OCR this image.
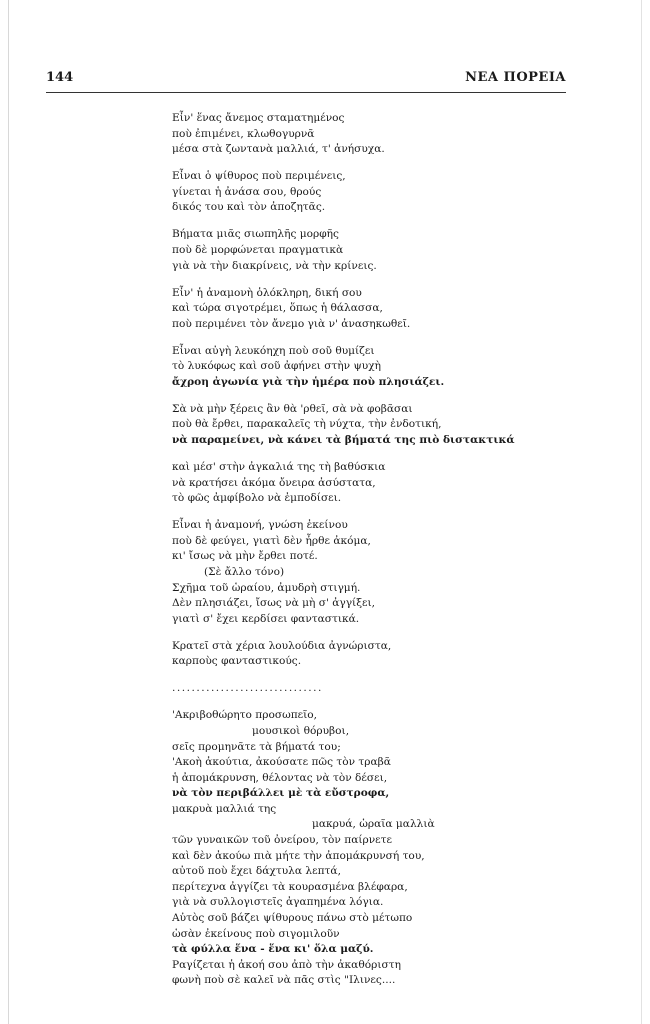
144	ΝΕΑ ΠΟΡΕΙΑ
Εἶν' ἕνας ἄνεμος σταματημένος
ποὺ ἐπιμένει, κλωθογυρνᾶ
μέσα στὰ ζωντανὰ μαλλιά, τ' ἀνήσυχα.
Εἶναι ὁ ψίθυρος ποὺ περιμένεις,
γίνεται ἡ ἀνάσα σου, θρούς
δικός του καὶ τὸν ἀποζητᾶς.
Βήματα μιᾶς σιωπηλῆς μορφῆς
ποὺ δὲ μορφώνεται πραγματικὰ
γιὰ νὰ τὴν διακρίνεις, νὰ τὴν κρίνεις.
Εἶν' ἡ ἀναμονὴ ὁλόκληρη, δική σου
καὶ τώρα σιγοτρέμει, ὅπως ἡ θάλασσα,
ποὺ περιμένει τὸν ἄνεμο γιὰ ν' ἀνασηκωθεῖ.
Εἶναι αὐγὴ λευκόηχη ποὺ σοῦ θυμίζει
τὸ λυκόφως καὶ σοῦ ἀφήνει στὴν ψυχὴ
ἄχροη ἀγωνία γιὰ τὴν ἡμέρα ποὺ πλησιάζει.
Σὰ νὰ μὴν ξέρεις ἂν θὰ 'ρθεῖ, σὰ νὰ φοβᾶσαι
ποὺ θὰ ἔρθει, παρακαλεῖς τὴ νύχτα, τὴν ἐνδοτική,
νὰ παραμείνει, νὰ κάνει τὰ βήματά της πιὸ διστακτικά
καὶ μέσ' στὴν ἀγκαλιά της τὴ βαθύσκια
νὰ κρατήσει ἀκόμα ὄνειρα ἀσύστατα,
τὸ φῶς ἀμφίβολο νὰ ἐμποδίσει.
Εἶναι ἡ ἀναμονή, γνώση ἐκείνου
ποὺ δὲ φεύγει, γιατὶ δὲν ἦρθε ἀκόμα,
κι' ἴσως νὰ μὴν ἔρθει ποτέ.
(Σὲ ἄλλο τόνο)
Σχῆμα τοῦ ὡραίου, ἀμυδρὴ στιγμή.
Δὲν πλησιάζει, ἴσως νὰ μὴ σ' ἀγγίξει,
γιατὶ σ' ἔχει κερδίσει φανταστικά.
Κρατεῖ στὰ χέρια λουλούδια ἀγνώριστα,
καρποὺς φανταστικούς.
...............................
'Ακριβοθώρητο προσωπεῖο,
μουσικοὶ θόρυβοι,
σεῖς προμηνᾶτε τὰ βήματά του;
'Ακοὴ ἀκούτια, ἀκούσατε πῶς τὸν τραβᾶ
ἡ ἀπομάκρυνση, θέλοντας νὰ τὸν δέσει,
νὰ τὸν περιβάλλει μὲ τὰ εὔστροφα,
μακρυὰ μαλλιά της
μακρυά, ὡραῖα μαλλιὰ
τῶν γυναικῶν τοῦ ὀνείρου, τὸν παίρνετε
καὶ δὲν ἀκούω πιὰ μήτε τὴν ἀπομάκρυνσή του,
αὐτοῦ ποὺ ἔχει δάχτυλα λεπτά,
περίτεχνα ἀγγίζει τὰ κουρασμένα βλέφαρα,
γιὰ νὰ συλλογιστεῖς ἀγαπημένα λόγια.
Αὐτὸς σοῦ βάζει ψίθυρους πάνω στὸ μέτωπο
ὡσὰν ἐκείνους ποὺ σιγομιλοῦν
τὰ φύλλα ἕνα - ἕνα κι' ὅλα μαζύ.
Ραγίζεται ἡ ἀκοή σου ἀπὸ τὴν ἀκαθόριστη
φωνὴ ποὺ σὲ καλεῖ νὰ πᾶς στὶς "Ιλινες....
